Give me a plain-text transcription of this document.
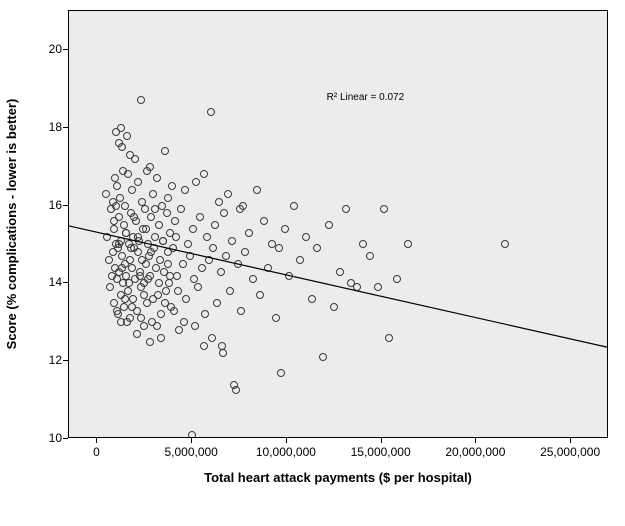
Score (% complications - lower is better)
10
12
14
16
18
20
R² Linear = 0.072
0	5,000,000	10,000,000	15,000,000	20,000,000	25,000,000
Total heart attack payments ($ per hospital)
